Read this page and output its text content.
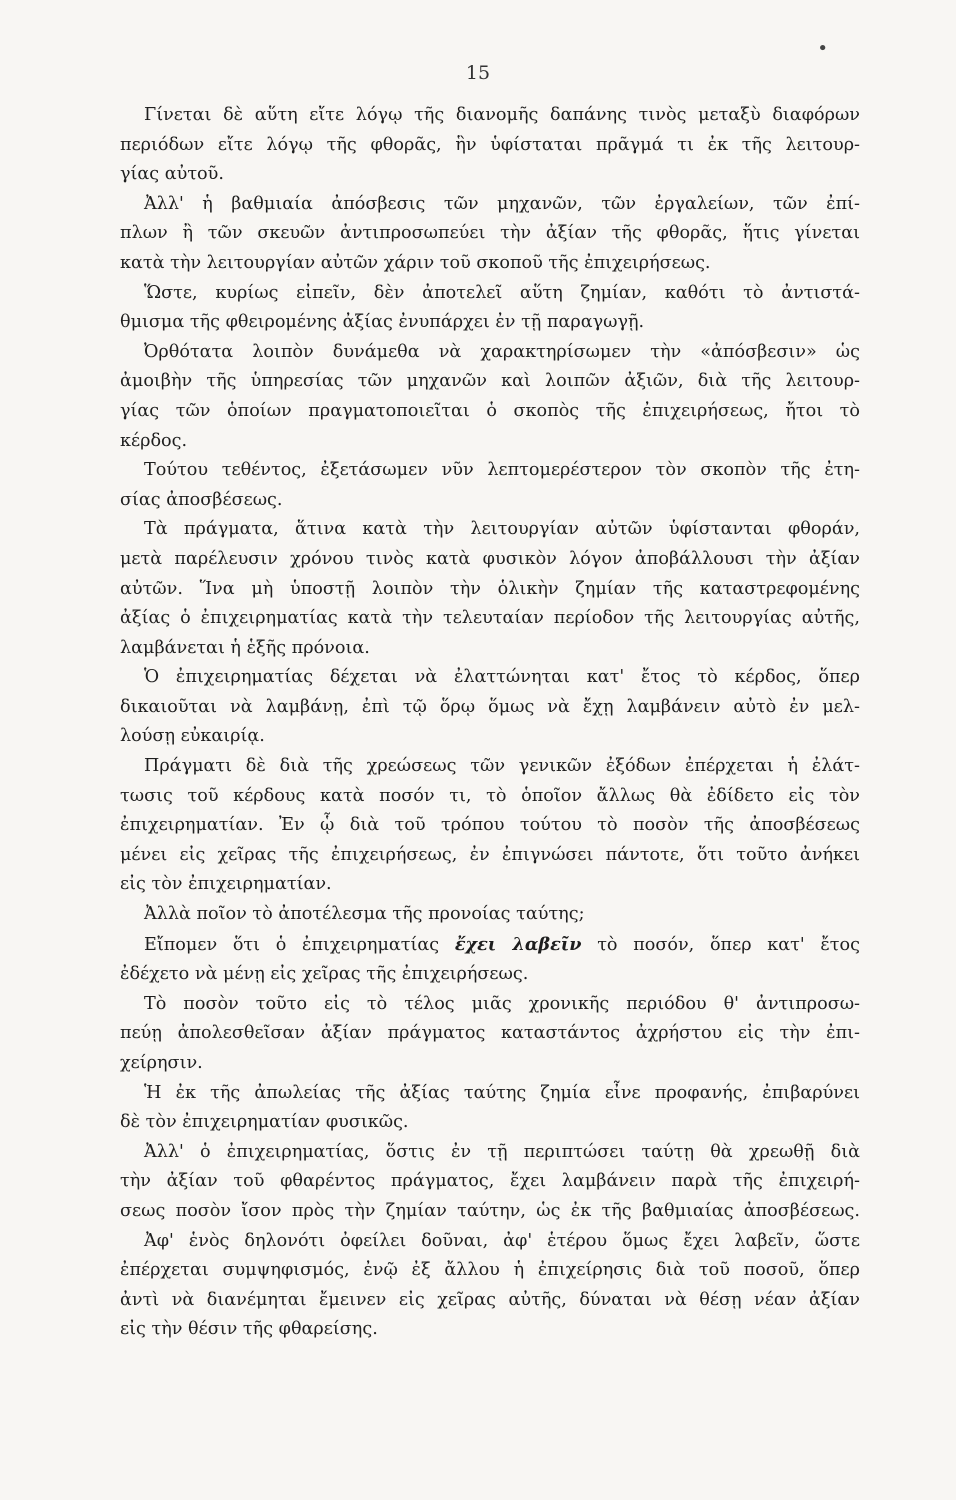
•
15
Γίνεται δὲ αὕτη εἴτε λόγῳ τῆς διανομῆς δαπάνης τινὸς μεταξὺ διαφόρων
περιόδων εἴτε λόγῳ τῆς φθορᾶς, ἣν ὑφίσταται πρᾶγμά τι ἐκ τῆς λειτουρ-
γίας αὐτοῦ.
Ἀλλ' ἡ βαθμιαία ἀπόσβεσις τῶν μηχανῶν, τῶν ἐργαλείων, τῶν ἐπί-
πλων ἢ τῶν σκευῶν ἀντιπροσωπεύει τὴν ἀξίαν τῆς φθορᾶς, ἥτις γίνεται
κατὰ τὴν λειτουργίαν αὐτῶν χάριν τοῦ σκοποῦ τῆς ἐπιχειρήσεως.
Ὥστε, κυρίως εἰπεῖν, δὲν ἀποτελεῖ αὕτη ζημίαν, καθότι τὸ ἀντιστά-
θμισμα τῆς φθειρομένης ἀξίας ἐνυπάρχει ἐν τῇ παραγωγῇ.
Ὀρθότατα λοιπὸν δυνάμεθα νὰ χαρακτηρίσωμεν τὴν «ἀπόσβεσιν» ὡς
ἀμοιβὴν τῆς ὑπηρεσίας τῶν μηχανῶν καὶ λοιπῶν ἀξιῶν, διὰ τῆς λειτουρ-
γίας τῶν ὁποίων πραγματοποιεῖται ὁ σκοπὸς τῆς ἐπιχειρήσεως, ἤτοι τὸ
κέρδος.
Τούτου τεθέντος, ἐξετάσωμεν νῦν λεπτομερέστερον τὸν σκοπὸν τῆς ἐτη-
σίας ἀποσβέσεως.
Τὰ πράγματα, ἅτινα κατὰ τὴν λειτουργίαν αὐτῶν ὑφίστανται φθοράν,
μετὰ παρέλευσιν χρόνου τινὸς κατὰ φυσικὸν λόγον ἀποβάλλουσι τὴν ἀξίαν
αὐτῶν. Ἵνα μὴ ὑποστῇ λοιπὸν τὴν ὁλικὴν ζημίαν τῆς καταστρεφομένης
ἀξίας ὁ ἐπιχειρηματίας κατὰ τὴν τελευταίαν περίοδον τῆς λειτουργίας αὐτῆς,
λαμβάνεται ἡ ἑξῆς πρόνοια.
Ὁ ἐπιχειρηματίας δέχεται νὰ ἐλαττώνηται κατ' ἔτος τὸ κέρδος, ὅπερ
δικαιοῦται νὰ λαμβάνῃ, ἐπὶ τῷ ὅρῳ ὅμως νὰ ἔχῃ λαμβάνειν αὐτὸ ἐν μελ-
λούσῃ εὐκαιρίᾳ.
Πράγματι δὲ διὰ τῆς χρεώσεως τῶν γενικῶν ἐξόδων ἐπέρχεται ἡ ἐλάτ-
τωσις τοῦ κέρδους κατὰ ποσόν τι, τὸ ὁποῖον ἄλλως θὰ ἐδίδετο εἰς τὸν
ἐπιχειρηματίαν. Ἐν ᾧ διὰ τοῦ τρόπου τούτου τὸ ποσὸν τῆς ἀποσβέσεως
μένει εἰς χεῖρας τῆς ἐπιχειρήσεως, ἐν ἐπιγνώσει πάντοτε, ὅτι τοῦτο ἀνήκει
εἰς τὸν ἐπιχειρηματίαν.
Ἀλλὰ ποῖον τὸ ἀποτέλεσμα τῆς προνοίας ταύτης;
Εἴπομεν ὅτι ὁ ἐπιχειρηματίας ἔχει λαβεῖν τὸ ποσόν, ὅπερ κατ' ἔτος
ἐδέχετο νὰ μένῃ εἰς χεῖρας τῆς ἐπιχειρήσεως.
Τὸ ποσὸν τοῦτο εἰς τὸ τέλος μιᾶς χρονικῆς περιόδου θ' ἀντιπροσω-
πεύῃ ἀπολεσθεῖσαν ἀξίαν πράγματος καταστάντος ἀχρήστου εἰς τὴν ἐπι-
χείρησιν.
Ἡ ἐκ τῆς ἀπωλείας τῆς ἀξίας ταύτης ζημία εἶνε προφανής, ἐπιβαρύνει
δὲ τὸν ἐπιχειρηματίαν φυσικῶς.
Ἀλλ' ὁ ἐπιχειρηματίας, ὅστις ἐν τῇ περιπτώσει ταύτῃ θὰ χρεωθῇ διὰ
τὴν ἀξίαν τοῦ φθαρέντος πράγματος, ἔχει λαμβάνειν παρὰ τῆς ἐπιχειρή-
σεως ποσὸν ἴσον πρὸς τὴν ζημίαν ταύτην, ὡς ἐκ τῆς βαθμιαίας ἀποσβέσεως.
Ἀφ' ἑνὸς δηλονότι ὀφείλει δοῦναι, ἀφ' ἑτέρου ὅμως ἔχει λαβεῖν, ὥστε
ἐπέρχεται συμψηφισμός, ἐνῷ ἐξ ἄλλου ἡ ἐπιχείρησις διὰ τοῦ ποσοῦ, ὅπερ
ἀντὶ νὰ διανέμηται ἔμεινεν εἰς χεῖρας αὐτῆς, δύναται νὰ θέσῃ νέαν ἀξίαν
εἰς τὴν θέσιν τῆς φθαρείσης.
